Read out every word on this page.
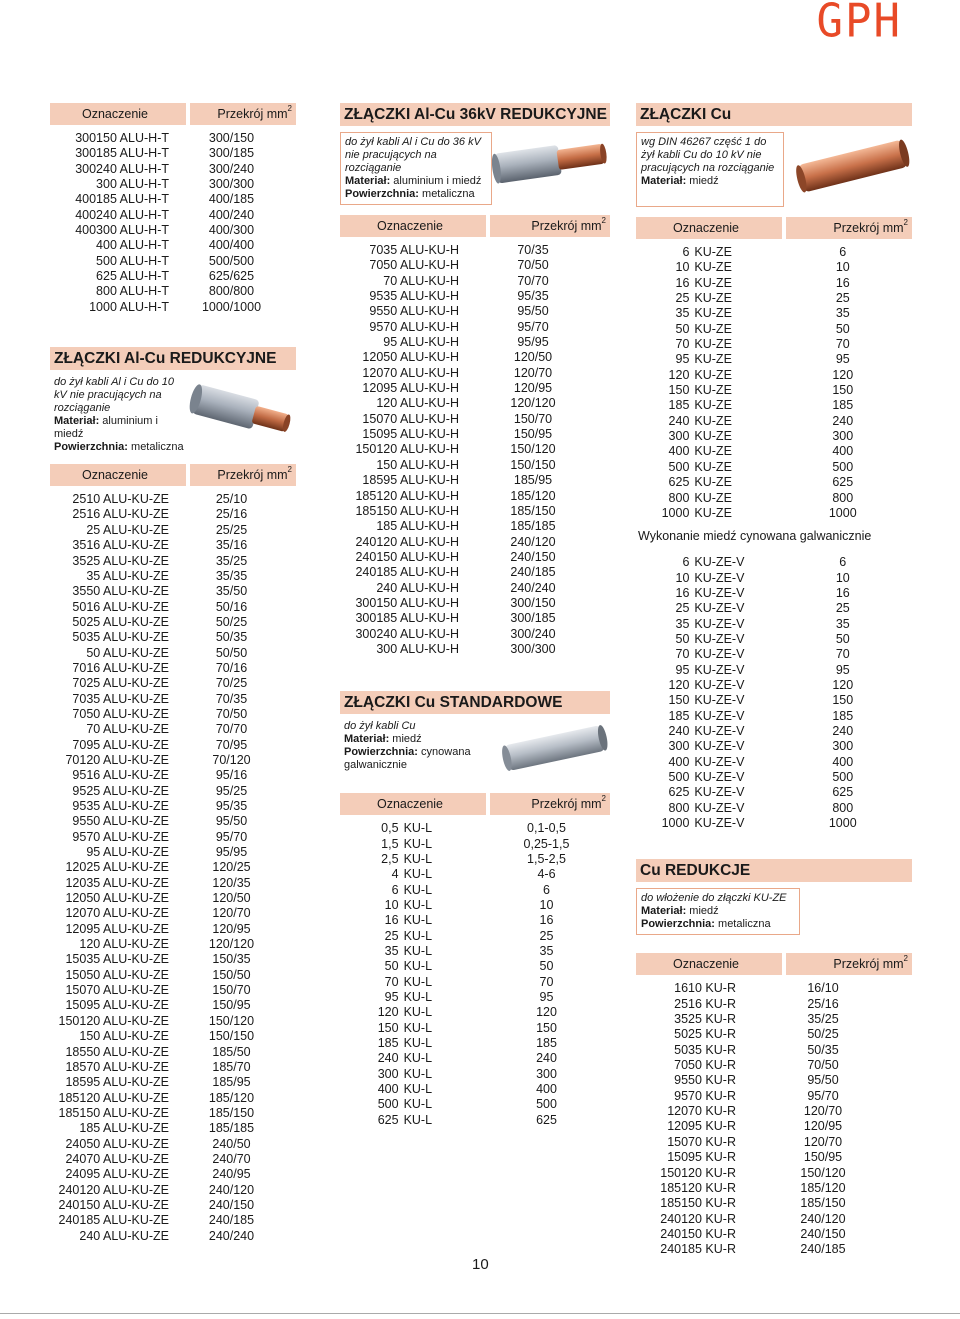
GPH
Oznaczenie	Przekrój $mm^2$
300150 ALU-H-T	300/150
300185 ALU-H-T	300/185
300240 ALU-H-T	300/240
300 ALU-H-T	300/300
400185 ALU-H-T	400/185
400240 ALU-H-T	400/240
400300 ALU-H-T	400/300
400 ALU-H-T	400/400
500 ALU-H-T	500/500
625 ALU-H-T	625/625
800 ALU-H-T	800/800
1000 ALU-H-T	1000/1000
ZŁĄCZKI Al-Cu REDUKCYJNE
do żył kabli Al i Cu do 10 kV nie pracujących na rozciąganie
Materiał: aluminium i miedź
Powierzchnia: metaliczna
Oznaczenie	Przekrój $mm^2$
2510 ALU-KU-ZE	25/10
2516 ALU-KU-ZE	25/16
25 ALU-KU-ZE	25/25
3516 ALU-KU-ZE	35/16
3525 ALU-KU-ZE	35/25
35 ALU-KU-ZE	35/35
3550 ALU-KU-ZE	35/50
5016 ALU-KU-ZE	50/16
5025 ALU-KU-ZE	50/25
5035 ALU-KU-ZE	50/35
50 ALU-KU-ZE	50/50
7016 ALU-KU-ZE	70/16
7025 ALU-KU-ZE	70/25
7035 ALU-KU-ZE	70/35
7050 ALU-KU-ZE	70/50
70 ALU-KU-ZE	70/70
7095 ALU-KU-ZE	70/95
70120 ALU-KU-ZE	70/120
9516 ALU-KU-ZE	95/16
9525 ALU-KU-ZE	95/25
9535 ALU-KU-ZE	95/35
9550 ALU-KU-ZE	95/50
9570 ALU-KU-ZE	95/70
95 ALU-KU-ZE	95/95
12025 ALU-KU-ZE	120/25
12035 ALU-KU-ZE	120/35
12050 ALU-KU-ZE	120/50
12070 ALU-KU-ZE	120/70
12095 ALU-KU-ZE	120/95
120 ALU-KU-ZE	120/120
15035 ALU-KU-ZE	150/35
15050 ALU-KU-ZE	150/50
15070 ALU-KU-ZE	150/70
15095 ALU-KU-ZE	150/95
150120 ALU-KU-ZE	150/120
150 ALU-KU-ZE	150/150
18550 ALU-KU-ZE	185/50
18570 ALU-KU-ZE	185/70
18595 ALU-KU-ZE	185/95
185120 ALU-KU-ZE	185/120
185150 ALU-KU-ZE	185/150
185 ALU-KU-ZE	185/185
24050 ALU-KU-ZE	240/50
24070 ALU-KU-ZE	240/70
24095 ALU-KU-ZE	240/95
240120 ALU-KU-ZE	240/120
240150 ALU-KU-ZE	240/150
240185 ALU-KU-ZE	240/185
240 ALU-KU-ZE	240/240
ZŁĄCZKI Al-Cu 36kV REDUKCYJNE
do żył kabli Al i Cu do 36 kV nie pracujących na rozciąganie
Materiał: aluminium i miedź
Powierzchnia: metaliczna
Oznaczenie	Przekrój $mm^2$
7035 ALU-KU-H	70/35
7050 ALU-KU-H	70/50
70 ALU-KU-H	70/70
9535 ALU-KU-H	95/35
9550 ALU-KU-H	95/50
9570 ALU-KU-H	95/70
95 ALU-KU-H	95/95
12050 ALU-KU-H	120/50
12070 ALU-KU-H	120/70
12095 ALU-KU-H	120/95
120 ALU-KU-H	120/120
15070 ALU-KU-H	150/70
15095 ALU-KU-H	150/95
150120 ALU-KU-H	150/120
150 ALU-KU-H	150/150
18595 ALU-KU-H	185/95
185120 ALU-KU-H	185/120
185150 ALU-KU-H	185/150
185 ALU-KU-H	185/185
240120 ALU-KU-H	240/120
240150 ALU-KU-H	240/150
240185 ALU-KU-H	240/185
240 ALU-KU-H	240/240
300150 ALU-KU-H	300/150
300185 ALU-KU-H	300/185
300240 ALU-KU-H	300/240
300 ALU-KU-H	300/300
ZŁĄCZKI Cu STANDARDOWE
do żył kabli Cu
Materiał: miedź
Powierzchnia: cynowana galwanicznie
Oznaczenie	Przekrój $mm^2$
0,5 KU-L	0,1-0,5
1,5 KU-L	0,25-1,5
2,5 KU-L	1,5-2,5
4 KU-L	4-6
6 KU-L	6
10 KU-L	10
16 KU-L	16
25 KU-L	25
35 KU-L	35
50 KU-L	50
70 KU-L	70
95 KU-L	95
120 KU-L	120
150 KU-L	150
185 KU-L	185
240 KU-L	240
300 KU-L	300
400 KU-L	400
500 KU-L	500
625 KU-L	625
ZŁĄCZKI Cu
wg DIN 46267 część 1 do żył kabli Cu do 10 kV nie pracujących na rozciąganie
Materiał: miedź
Oznaczenie	Przekrój $mm^2$
6 KU-ZE	6
10 KU-ZE	10
16 KU-ZE	16
25 KU-ZE	25
35 KU-ZE	35
50 KU-ZE	50
70 KU-ZE	70
95 KU-ZE	95
120 KU-ZE	120
150 KU-ZE	150
185 KU-ZE	185
240 KU-ZE	240
300 KU-ZE	300
400 KU-ZE	400
500 KU-ZE	500
625 KU-ZE	625
800 KU-ZE	800
1000 KU-ZE	1000
Wykonanie miedź cynowana galwanicznie
6 KU-ZE-V	6
10 KU-ZE-V	10
16 KU-ZE-V	16
25 KU-ZE-V	25
35 KU-ZE-V	35
50 KU-ZE-V	50
70 KU-ZE-V	70
95 KU-ZE-V	95
120 KU-ZE-V	120
150 KU-ZE-V	150
185 KU-ZE-V	185
240 KU-ZE-V	240
300 KU-ZE-V	300
400 KU-ZE-V	400
500 KU-ZE-V	500
625 KU-ZE-V	625
800 KU-ZE-V	800
1000 KU-ZE-V	1000
Cu REDUKCJE
do włożenie do złączki KU-ZE
Materiał: miedź
Powierzchnia: metaliczna
Oznaczenie	Przekrój $mm^2$
1610 KU-R	16/10
2516 KU-R	25/16
3525 KU-R	35/25
5025 KU-R	50/25
5035 KU-R	50/35
7050 KU-R	70/50
9550 KU-R	95/50
9570 KU-R	95/70
12070 KU-R	120/70
12095 KU-R	120/95
15070 KU-R	120/70
15095 KU-R	150/95
150120 KU-R	150/120
185120 KU-R	185/120
185150 KU-R	185/150
240120 KU-R	240/120
240150 KU-R	240/150
240185 KU-R	240/185
10
